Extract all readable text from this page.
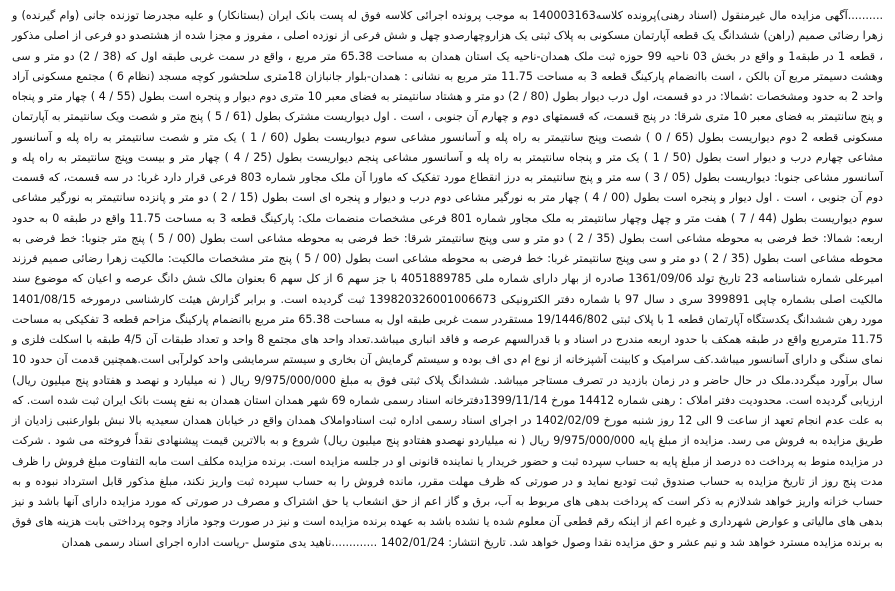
..........آگهی مزایده مال غیرمنقول (اسناد رهنی)پرونده کلاسه140003163 به موجب پرونده اجرائی کلاسه فوق له پست بانک ایران (بستانکار) و علیه مجدرضا توزنده جانی (وام گیرنده) و زهرا رضائی صمیم (راهن) ششدانگ یک قطعه آپارتمان مسکونی به پلاک ثبتی یک هزاروچهارصدو چهل و شش فرعی از نوزده اصلی ، مفروز و مجزا شده از هشتصدو دو فرعی از اصلی مذکور ، قطعه 1 در طبقه1 و واقع در بخش 03 ناحیه 99 حوزه ثبت ملک همدان-ناحیه یک استان همدان به مساحت 65.38 متر مربع ، واقع در سمت غربی طبقه اول که (38 / 2) دو متر و سی وهشت دسیمتر مربع آن بالکن ، است باانضمام پارکینگ قطعه 3 به مساحت 11.75 متر مربع به نشانی : همدان-بلوار جانبازان 18متری سلحشور کوچه مسجد (نظام 6 ) مجتمع مسکونی آراد واحد 2 به حدود ومشخصات :شمالا: در دو قسمت، اول درب دیوار بطول (80 / 2) دو متر و هشتاد سانتیمتر به فضای معبر 10 متری دوم دیوار و پنجره است بطول (55 / 4 ) چهار متر و پنجاه و پنج سانتیمتر به فضای معبر 10 متری شرقا: در پنج قسمت، که قسمتهای دوم و چهارم آن جنوبی ، است . اول دیواریست مشترک بطول (61 / 5 ) پنج متر و شصت ویک سانتیمتر به آپارتمان مسکونی قطعه 2 دوم دیواریست بطول (65 / 0 ) شصت وپنج سانتیمتر به راه پله و آسانسور مشاعی سوم دیواریست بطول (60 / 1 ) یک متر و شصت سانتیمتر به راه پله و آسانسور مشاعی چهارم درب و دیوار است بطول (50 / 1 ) یک متر و پنجاه سانتیمتر به راه پله و آسانسور مشاعی پنجم دیواریست بطول (25 / 4 ) چهار متر و بیست وپنج سانتیمتر به راه پله و آسانسور مشاعی جنوبا: دیواریست بطول (05 / 3 ) سه متر و پنج سانتیمتر به درز انقطاع مورد تفکیک که ماورا آن ملک مجاور شماره 803 فرعی قرار دارد غربا: در سه قسمت، که قسمت دوم آن جنوبی ، است . اول دیوار و پنجره است بطول (00 / 4 ) چهار متر به نورگیر مشاعی دوم درب و دیوار و پنجره ای است بطول (15 / 2 ) دو متر و پانزده سانتیمتر به نورگیر مشاعی سوم دیواریست بطول (44 / 7 ) هفت متر و چهل وچهار سانتیمتر به ملک مجاور شماره 801 فرعی مشخصات منضمات ملک: پارکینگ قطعه 3 به مساحت 11.75 واقع در طبقه 0 به حدود اربعه: شمالا: خط فرضی به محوطه مشاعی است بطول (35 / 2 ) دو متر و سی وپنج سانتیمتر شرقا: خط فرضی به محوطه مشاعی است بطول (00 / 5 ) پنج متر جنوبا: خط فرضی به محوطه مشاعی است بطول (35 / 2 ) دو متر و سی وپنج سانتیمتر غربا: خط فرضی به محوطه مشاعی است بطول (00 / 5 ) پنج متر مشخصات مالکیت: مالکیت زهرا رضائی صمیم فرزند امیرعلی شماره شناسنامه 23 تاریخ تولد 1361/09/06 صادره از بهار دارای شماره ملی 4051889785 با جز سهم 6 از کل سهم 6 بعنوان مالک شش دانگ عرصه و اعیان که موضوع سند مالکیت اصلی بشماره چاپی 399891 سری د سال 97 با شماره دفتر الکترونیکی 139820326001006673 ثبت گردیده است. و برابر گزارش هیئت کارشناسی درمورخه 1401/08/15 مورد رهن ششدانگ یکدستگاه آپارتمان قطعه 1 با پلاک ثبتی 19/1446/802 مستقردر سمت غربی طبقه اول به مساحت 65.38 متر مربع باانضمام پارکینگ مزاحم قطعه 3 تفکیکی به مساحت 11.75 مترمربع واقع در طبقه همکف با حدود اربعه مندرج در اسناد و با قدرالسهم عرصه و فاقد انباری میباشد.تعداد واحد های مجتمع 8 واحد و تعداد طبقات آن 4/5 طبقه با اسکلت فلزی و نمای سنگی و دارای آسانسور میباشد.کف سرامیک و کابینت آشپزخانه از نوع ام دی اف بوده و سیستم گرمایش آن بخاری و سیستم سرمایشی واحد کولرآبی است.همچنین قدمت آن حدود 10 سال برآورد میگردد.ملک در حال حاضر و در زمان بازدید در تصرف مستاجر میباشد. ششدانگ پلاک ثبتی فوق به مبلغ 9/975/000/000 ریال ( نه میلیارد و نهصد و هفتادو پنج میلیون ریال) ارزیابی گردیده است. محدودیت دفتر املاک : رهنی شماره 14412 مورخ 1399/11/14دفترخانه اسناد رسمی شماره 69 شهر همدان استان همدان به نفع پست بانک ایران ثبت شده است. که به علت عدم انجام تعهد از ساعت 9 الی 12 روز شنبه مورخ 1402/02/09 در اجرای اسناد رسمی اداره ثبت اسنادواملاک همدان واقع در خیابان همدان سعیدیه بالا نبش بلوارعنبی زادیان از طریق مزایده به فروش می رسد. مزایده از مبلغ پایه 9/975/000/000 ریال ( نه میلیاردو نهصدو هفتادو پنج میلیون ریال) شروع و به بالاترین قیمت پیشنهادی نقداً فروخته می شود . شرکت در مزایده منوط به پرداخت ده درصد از مبلغ پایه به حساب سپرده ثبت و حضور خریدار یا نماینده قانونی او در جلسه مزایده است. برنده مزایده مکلف است مابه التفاوت مبلغ فروش را ظرف مدت پنج روز از تاریخ مزایده به حساب صندوق ثبت تودیع نماید و در صورتی که ظرف مهلت مقرر، مانده فروش را به حساب سپرده ثبت واریز نکند، مبلغ مذکور قابل استرداد نبوده و به حساب خزانه واریز خواهد شدلازم به ذکر است که پرداخت بدهی های مربوط به آب، برق و گاز اعم از حق انشعاب یا حق اشتراک و مصرف در صورتی که مورد مزایده دارای آنها باشد و نیز بدهی های مالیاتی و عوارض شهرداری و غیره اعم از اینکه رقم قطعی آن معلوم شده یا نشده باشد به عهده برنده مزایده است و نیز در صورت وجود مازاد وجوه پرداختی بابت هزینه های فوق به برنده مزایده مسترد خواهد شد و نیم عشر و حق مزایده نقدا وصول خواهد شد. تاریخ انتشار: 1402/01/24 .............ناهید یدی متوسل -ریاست اداره اجرای اسناد رسمی همدان
